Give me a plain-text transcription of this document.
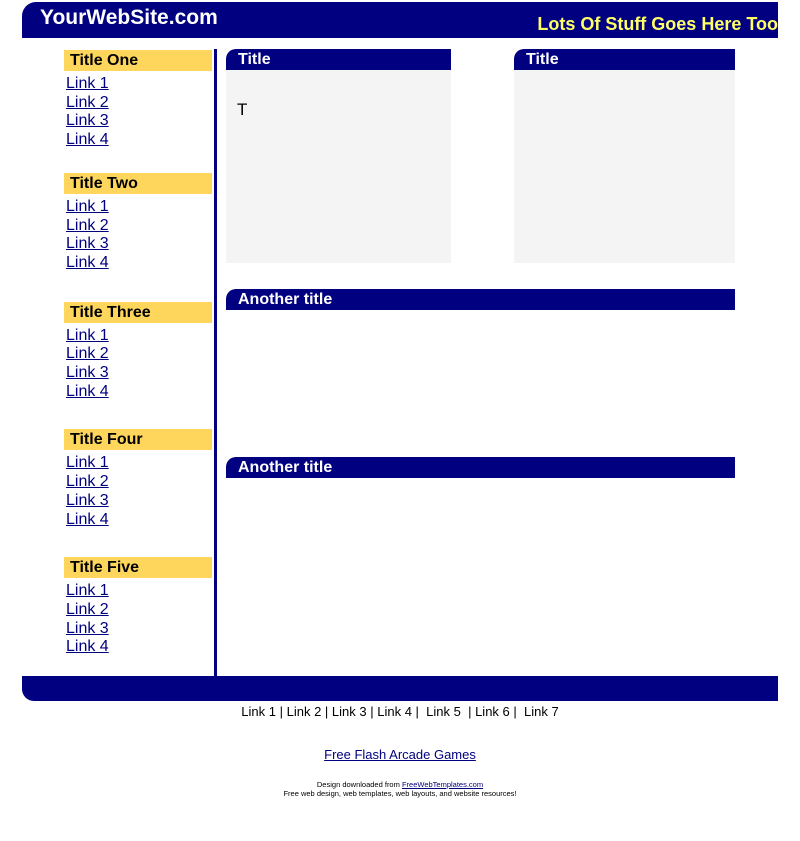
YourWebSite.com	Lots Of Stuff Goes Here Too
Title One
Link 1
Link 2
Link 3
Link 4
Title Two
Link 1
Link 2
Link 3
Link 4
Title Three
Link 1
Link 2
Link 3
Link 4
Title Four
Link 1
Link 2
Link 3
Link 4
Title Five
Link 1
Link 2
Link 3
Link 4
Title
T
Title
Another title
Another title
Link 1 | Link 2 | Link 3 | Link 4 |  Link 5  | Link 6 |  Link 7
Free Flash Arcade Games
Design downloaded from FreeWebTemplates.com
Free web design, web templates, web layouts, and website resources!
